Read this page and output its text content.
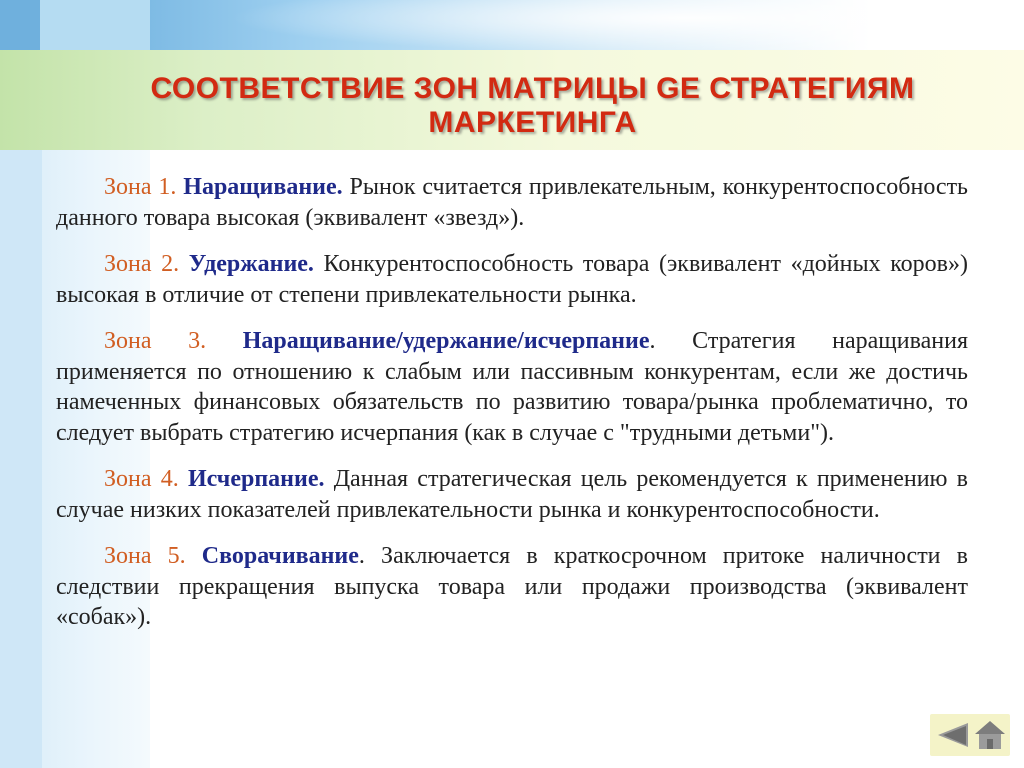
СООТВЕТСТВИЕ ЗОН МАТРИЦЫ GE СТРАТЕГИЯМ МАРКЕТИНГА

Зона 1. Наращивание. Рынок считается привлекательным, конкурентоспособность данного товара высокая (эквивалент «звезд»).

Зона 2. Удержание. Конкурентоспособность товара (эквивалент «дойных коров») высокая в отличие от степени привлекательности рынка.

Зона 3. Наращивание/удержание/исчерпание. Стратегия наращивания применяется по отношению к слабым или пассивным конкурентам, если же достичь намеченных финансовых обязательств по развитию товара/рынка проблематично, то следует выбрать стратегию исчерпания (как в случае с "трудными детьми").

Зона 4. Исчерпание. Данная стратегическая цель рекомендуется к применению в случае низких показателей привлекательности рынка и конкурентоспособности.

Зона 5. Сворачивание. Заключается в краткосрочном притоке наличности в следствии прекращения выпуска товара или продажи производства (эквивалент «собак»).
